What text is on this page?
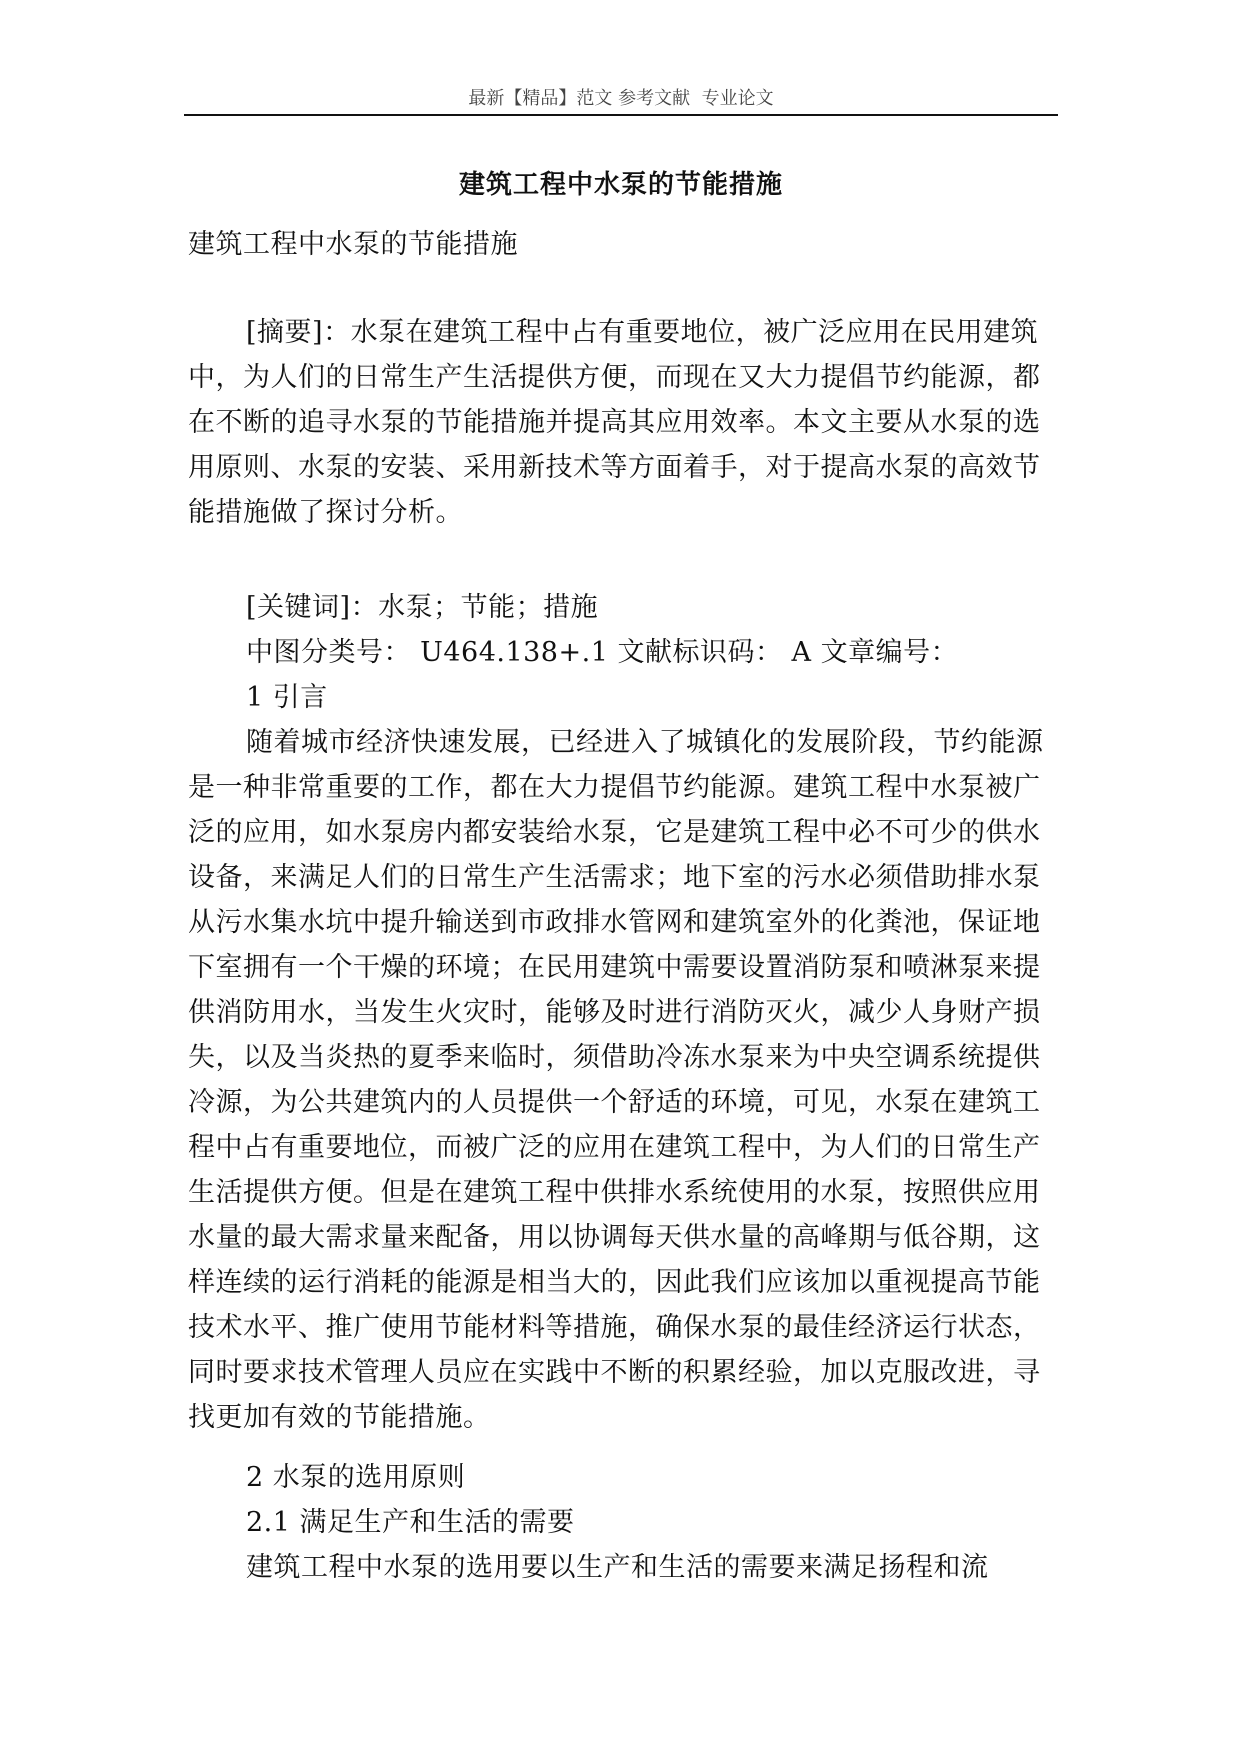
最新【精品】范文 参考文献  专业论文
建筑工程中水泵的节能措施
建筑工程中水泵的节能措施
[摘要]：水泵在建筑工程中占有重要地位，被广泛应用在民用建筑中，为人们的日常生产生活提供方便，而现在又大力提倡节约能源，都在不断的追寻水泵的节能措施并提高其应用效率。本文主要从水泵的选用原则、水泵的安装、采用新技术等方面着手，对于提高水泵的高效节能措施做了探讨分析。
[关键词]：水泵；节能；措施
中图分类号： U464.138+.1 文献标识码： A 文章编号：
1 引言
随着城市经济快速发展，已经进入了城镇化的发展阶段，节约能源是一种非常重要的工作，都在大力提倡节约能源。建筑工程中水泵被广泛的应用，如水泵房内都安装给水泵，它是建筑工程中必不可少的供水设备，来满足人们的日常生产生活需求；地下室的污水必须借助排水泵从污水集水坑中提升输送到市政排水管网和建筑室外的化粪池，保证地下室拥有一个干燥的环境；在民用建筑中需要设置消防泵和喷淋泵来提供消防用水，当发生火灾时，能够及时进行消防灭火，减少人身财产损失，以及当炎热的夏季来临时，须借助冷冻水泵来为中央空调系统提供冷源，为公共建筑内的人员提供一个舒适的环境，可见，水泵在建筑工程中占有重要地位，而被广泛的应用在建筑工程中，为人们的日常生产生活提供方便。但是在建筑工程中供排水系统使用的水泵，按照供应用水量的最大需求量来配备，用以协调每天供水量的高峰期与低谷期，这样连续的运行消耗的能源是相当大的，因此我们应该加以重视提高节能技术水平、推广使用节能材料等措施，确保水泵的最佳经济运行状态，同时要求技术管理人员应在实践中不断的积累经验，加以克服改进，寻找更加有效的节能措施。
2 水泵的选用原则
2.1 满足生产和生活的需要
建筑工程中水泵的选用要以生产和生活的需要来满足扬程和流
